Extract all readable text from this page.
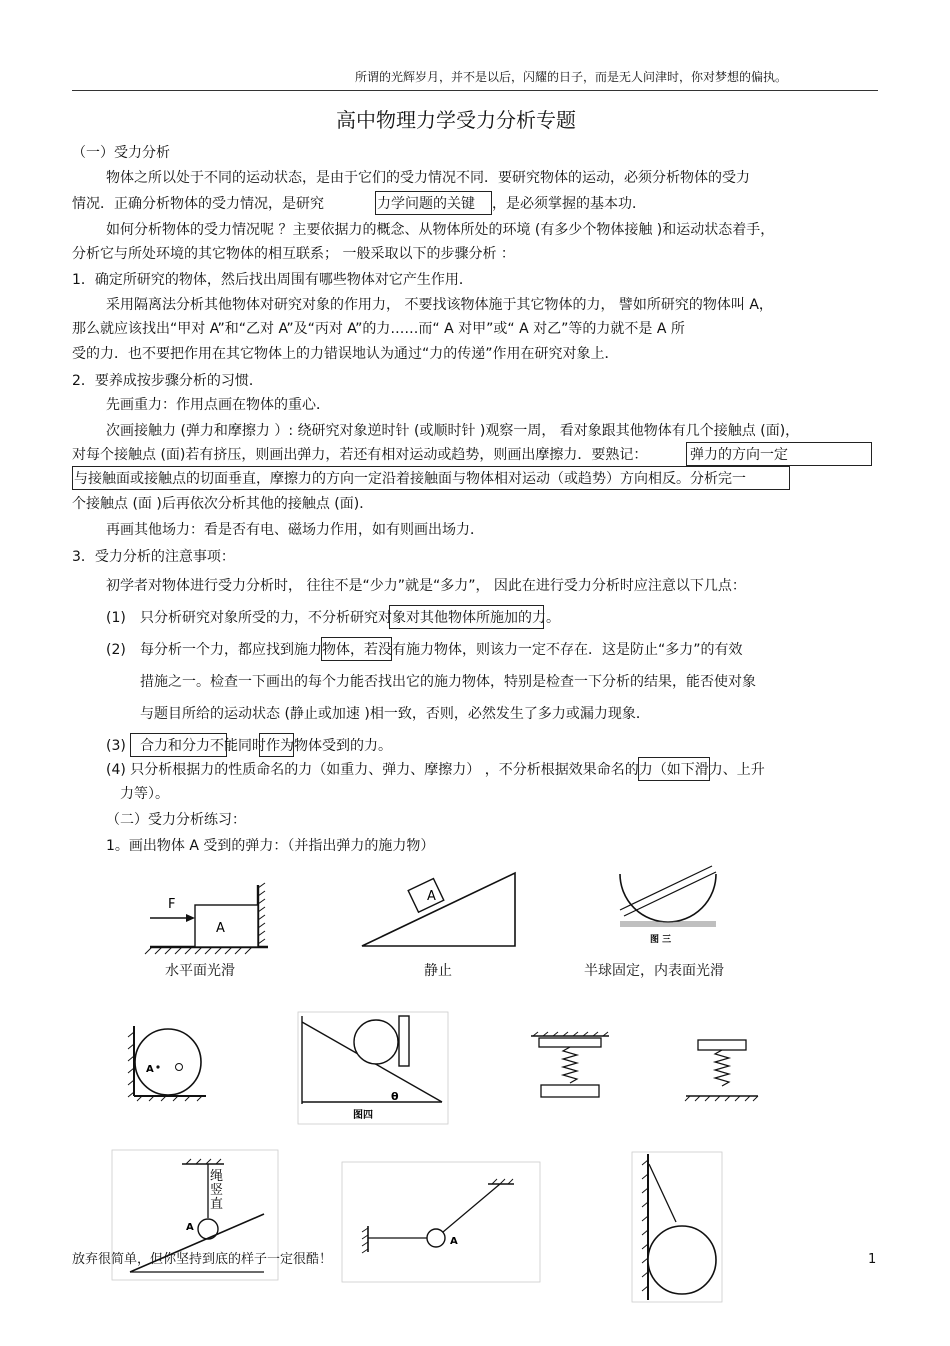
所谓的光辉岁月，并不是以后，闪耀的日子，而是无人问津时，你对梦想的偏执。
高中物理力学受力分析专题
（一）受力分析
物体之所以处于不同的运动状态，是由于它们的受力情况不同．要研究物体的运动，必须分析物体的受力
情况．正确分析物体的受力情况，是研究	力学问题的关键 ，是必须掌握的基本功．
如何分析物体的受力情况呢 ？主要依据力的概念、从物体所处的环境 (有多少个物体接触 )和运动状态着手，
分析它与所处环境的其它物体的相互联系； 一般采取以下的步骤分析 ：
1．确定所研究的物体，然后找出周围有哪些物体对它产生作用．
采用隔离法分析其他物体对研究对象的作用力， 不要找该物体施于其它物体的力， 譬如所研究的物体叫 A，
那么就应该找出“甲对 A”和“乙对 A”及“丙对 A”的力……而“ A 对甲”或“ A 对乙”等的力就不是 A 所
受的力．也不要把作用在其它物体上的力错误地认为通过“力的传递”作用在研究对象上．
2．要养成按步骤分析的习惯．
先画重力：作用点画在物体的重心．
次画接触力 (弹力和摩擦力 ）: 绕研究对象逆时针 (或顺时针 )观察一周， 看对象跟其他物体有几个接触点 (面)，
对每个接触点 (面)若有挤压，则画出弹力，若还有相对运动或趋势，则画出摩擦力．要熟记：	弹力的方向一定
与接触面或接触点的切面垂直，摩擦力的方向一定沿着接触面与物体相对运动（或趋势）方向相反。分析完一
个接触点 (面 )后再依次分析其他的接触点 (面)．
再画其他场力：看是否有电、磁场力作用，如有则画出场力．
3．受力分析的注意事项：
初学者对物体进行受力分析时， 往往不是“少力”就是“多力”， 因此在进行受力分析时应注意以下几点：
(1) 只分析研究对象所受的力，不分析研究对象对其他物体所施加的力。
(2) 每分析一个力，都应找到施力物体，若没有施力物体，则该力一定不存在．这是防止“多力”的有效
措施之一。检查一下画出的每个力能否找出它的施力物体，特别是检查一下分析的结果，能否使对象
与题目所给的运动状态 (静止或加速 )相一致，否则，必然发生了多力或漏力现象．
(3) 合力和分力不能同时作为物体受到的力。
(4) 只分析根据力的性质命名的力（如重力、弹力、摩擦力） ，不分析根据效果命名的力（如下滑力、上升
力等）。
（二）受力分析练习：
1。画出物体 A 受到的弹力：（并指出弹力的施力物）
F
A
水平面光滑
A
静止
图 三
半球固定，内表面光滑
A
θ
图四
绳竖直
A
A
放弃很简单，但你坚持到底的样子一定很酷！	1
